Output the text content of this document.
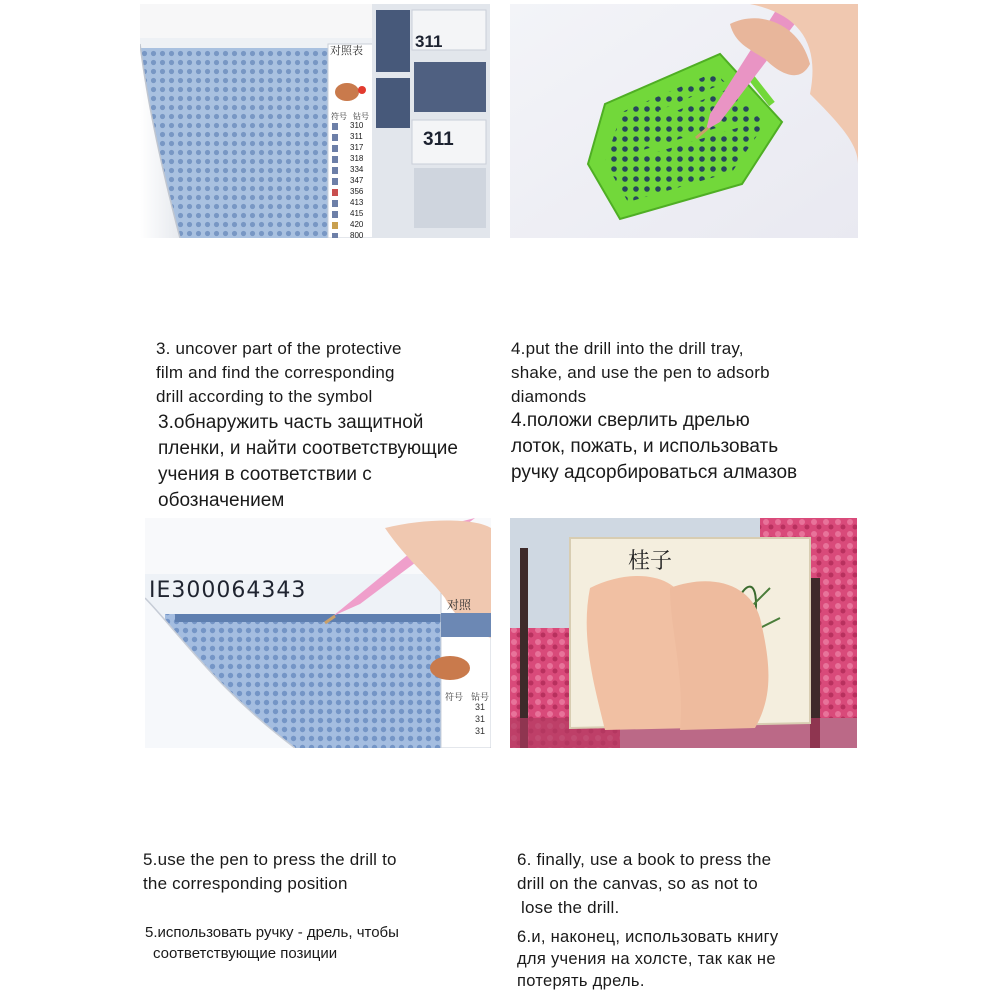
对照表	311
311
符号 钻号
310
311
317
318
334
347
356
413
415
420
800
3. uncover part of the protective
film and find the corresponding
drill according to the symbol
3.обнаружить часть защитной
пленки, и найти соответствующие
учения в соответствии с
обозначением
4.put the drill into the drill tray,
shake, and use the pen to adsorb
diamonds
4.положи сверлить дрелью
лоток, пожать, и использовать
ручку адсорбироваться алмазов
IE300064343
对照
符号 钻号
31
31
31
桂子
5.use the pen to press the drill to
the corresponding position
5.использовать ручку - дрель, чтобы
соответствующие позиции
6. finally, use a book to press the
drill on the canvas, so as not to
lose the drill.
6.и, наконец, использовать книгу
для учения на холсте, так как не
потерять дрель.
